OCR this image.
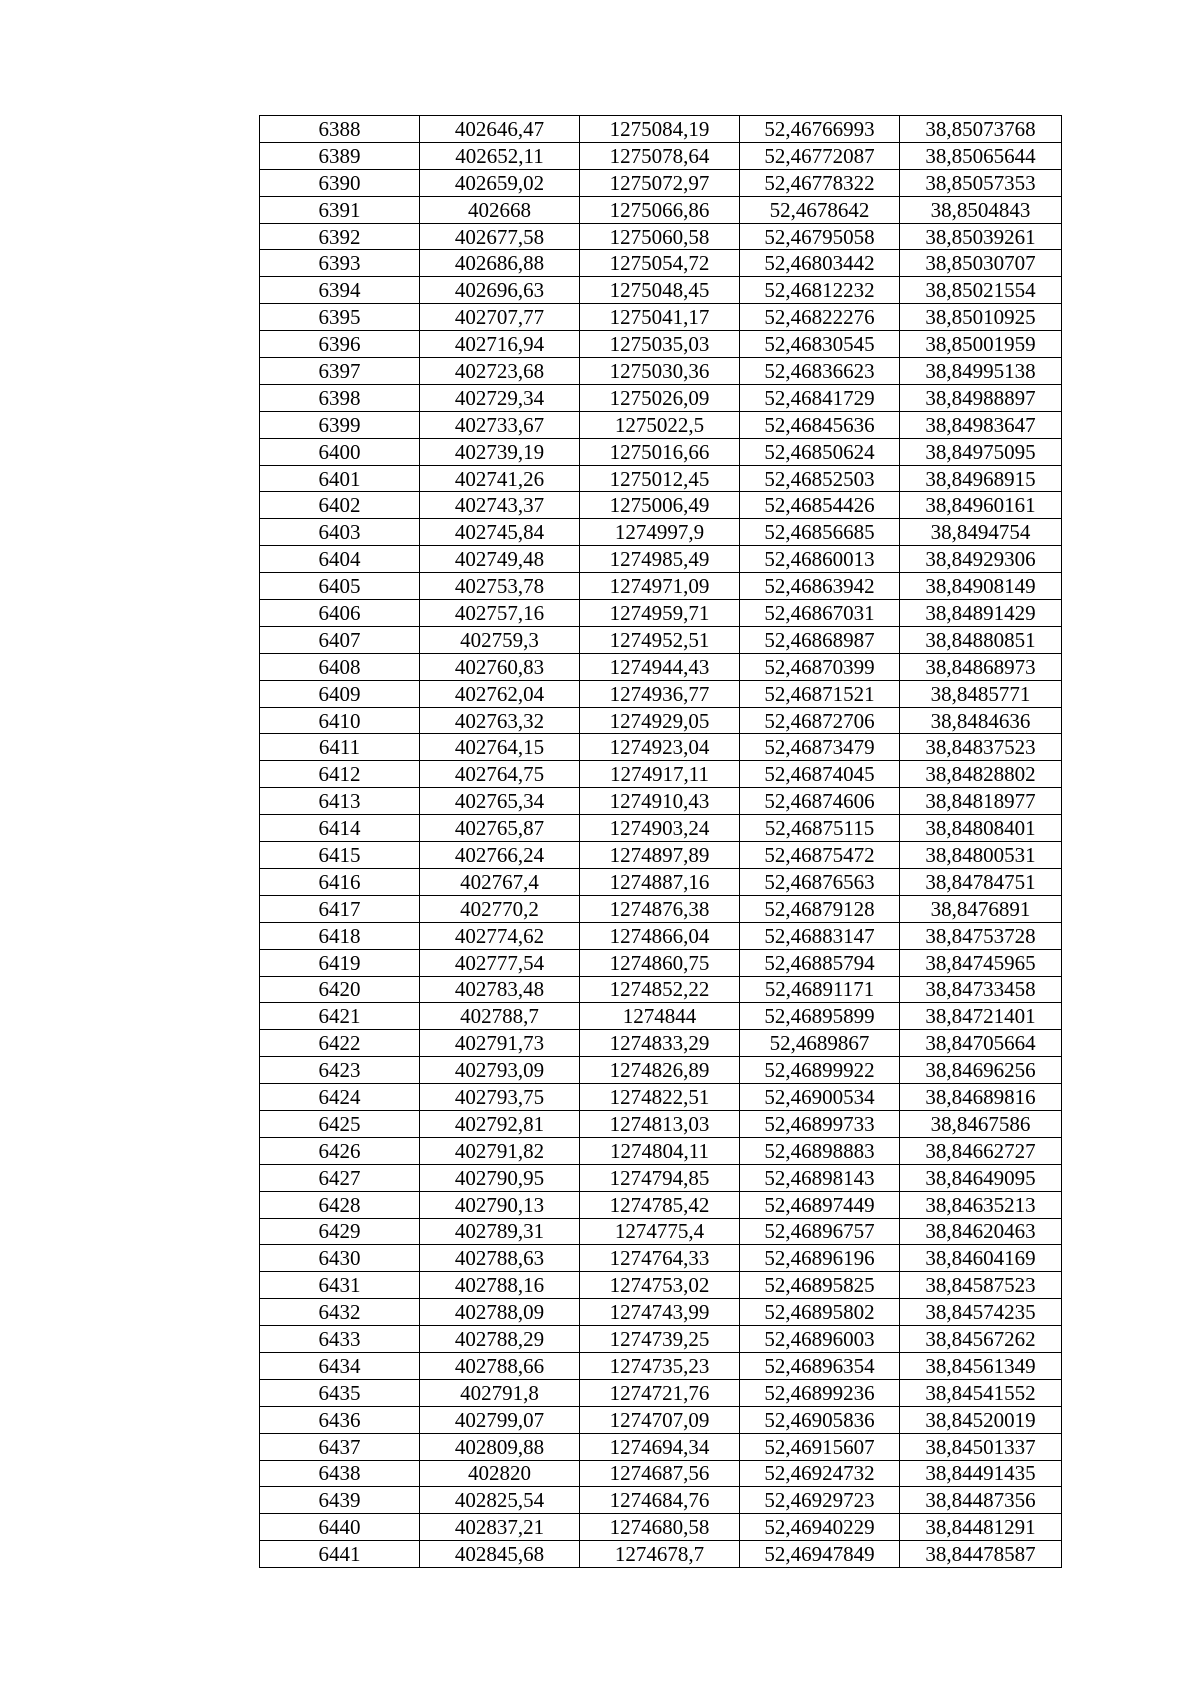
6388	402646,47	1275084,19	52,46766993	38,85073768
6389	402652,11	1275078,64	52,46772087	38,85065644
6390	402659,02	1275072,97	52,46778322	38,85057353
6391	402668	1275066,86	52,4678642	38,8504843
6392	402677,58	1275060,58	52,46795058	38,85039261
6393	402686,88	1275054,72	52,46803442	38,85030707
6394	402696,63	1275048,45	52,46812232	38,85021554
6395	402707,77	1275041,17	52,46822276	38,85010925
6396	402716,94	1275035,03	52,46830545	38,85001959
6397	402723,68	1275030,36	52,46836623	38,84995138
6398	402729,34	1275026,09	52,46841729	38,84988897
6399	402733,67	1275022,5	52,46845636	38,84983647
6400	402739,19	1275016,66	52,46850624	38,84975095
6401	402741,26	1275012,45	52,46852503	38,84968915
6402	402743,37	1275006,49	52,46854426	38,84960161
6403	402745,84	1274997,9	52,46856685	38,8494754
6404	402749,48	1274985,49	52,46860013	38,84929306
6405	402753,78	1274971,09	52,46863942	38,84908149
6406	402757,16	1274959,71	52,46867031	38,84891429
6407	402759,3	1274952,51	52,46868987	38,84880851
6408	402760,83	1274944,43	52,46870399	38,84868973
6409	402762,04	1274936,77	52,46871521	38,8485771
6410	402763,32	1274929,05	52,46872706	38,8484636
6411	402764,15	1274923,04	52,46873479	38,84837523
6412	402764,75	1274917,11	52,46874045	38,84828802
6413	402765,34	1274910,43	52,46874606	38,84818977
6414	402765,87	1274903,24	52,46875115	38,84808401
6415	402766,24	1274897,89	52,46875472	38,84800531
6416	402767,4	1274887,16	52,46876563	38,84784751
6417	402770,2	1274876,38	52,46879128	38,8476891
6418	402774,62	1274866,04	52,46883147	38,84753728
6419	402777,54	1274860,75	52,46885794	38,84745965
6420	402783,48	1274852,22	52,46891171	38,84733458
6421	402788,7	1274844	52,46895899	38,84721401
6422	402791,73	1274833,29	52,4689867	38,84705664
6423	402793,09	1274826,89	52,46899922	38,84696256
6424	402793,75	1274822,51	52,46900534	38,84689816
6425	402792,81	1274813,03	52,46899733	38,8467586
6426	402791,82	1274804,11	52,46898883	38,84662727
6427	402790,95	1274794,85	52,46898143	38,84649095
6428	402790,13	1274785,42	52,46897449	38,84635213
6429	402789,31	1274775,4	52,46896757	38,84620463
6430	402788,63	1274764,33	52,46896196	38,84604169
6431	402788,16	1274753,02	52,46895825	38,84587523
6432	402788,09	1274743,99	52,46895802	38,84574235
6433	402788,29	1274739,25	52,46896003	38,84567262
6434	402788,66	1274735,23	52,46896354	38,84561349
6435	402791,8	1274721,76	52,46899236	38,84541552
6436	402799,07	1274707,09	52,46905836	38,84520019
6437	402809,88	1274694,34	52,46915607	38,84501337
6438	402820	1274687,56	52,46924732	38,84491435
6439	402825,54	1274684,76	52,46929723	38,84487356
6440	402837,21	1274680,58	52,46940229	38,84481291
6441	402845,68	1274678,7	52,46947849	38,84478587
